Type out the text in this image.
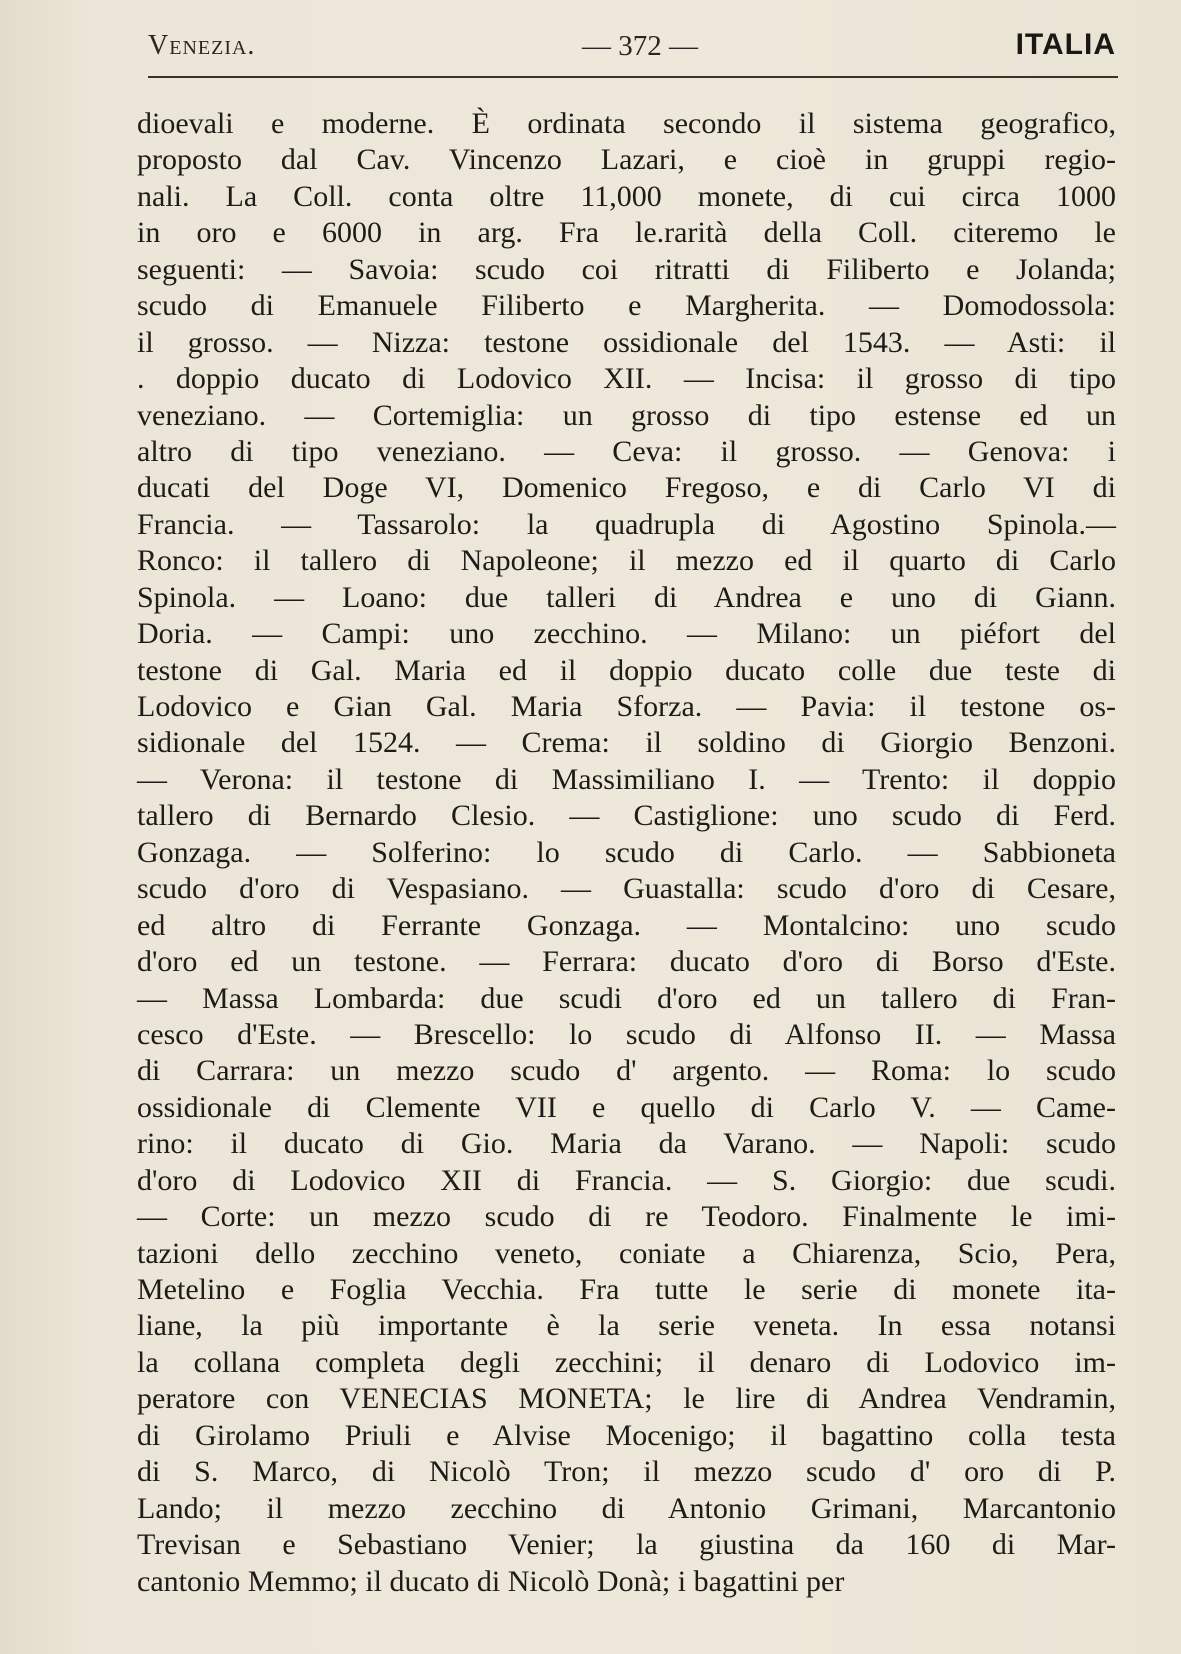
Venezia.	— 372 —	ITALIA
dioevali e moderne. È ordinata secondo il sistema geografico,
proposto dal Cav. Vincenzo Lazari, e cioè in gruppi regio-
nali. La Coll. conta oltre 11,000 monete, di cui circa 1000
in oro e 6000 in arg. Fra le.rarità della Coll. citeremo le
seguenti: — Savoia: scudo coi ritratti di Filiberto e Jolanda;
scudo di Emanuele Filiberto e Margherita. — Domodossola:
il grosso. — Nizza: testone ossidionale del 1543. — Asti: il
. doppio ducato di Lodovico XII. — Incisa: il grosso di tipo
veneziano. — Cortemiglia: un grosso di tipo estense ed un
altro di tipo veneziano. — Ceva: il grosso. — Genova: i
ducati del Doge VI, Domenico Fregoso, e di Carlo VI di
Francia. — Tassarolo: la quadrupla di Agostino Spinola.—
Ronco: il tallero di Napoleone; il mezzo ed il quarto di Carlo
Spinola. — Loano: due talleri di Andrea e uno di Giann.
Doria. — Campi: uno zecchino. — Milano: un piéfort del
testone di Gal. Maria ed il doppio ducato colle due teste di
Lodovico e Gian Gal. Maria Sforza. — Pavia: il testone os-
sidionale del 1524. — Crema: il soldino di Giorgio Benzoni.
— Verona: il testone di Massimiliano I. — Trento: il doppio
tallero di Bernardo Clesio. — Castiglione: uno scudo di Ferd.
Gonzaga. — Solferino: lo scudo di Carlo. — Sabbioneta
scudo d'oro di Vespasiano. — Guastalla: scudo d'oro di Cesare,
ed altro di Ferrante Gonzaga. — Montalcino: uno scudo
d'oro ed un testone. — Ferrara: ducato d'oro di Borso d'Este.
— Massa Lombarda: due scudi d'oro ed un tallero di Fran-
cesco d'Este. — Brescello: lo scudo di Alfonso II. — Massa
di Carrara: un mezzo scudo d' argento. — Roma: lo scudo
ossidionale di Clemente VII e quello di Carlo V. — Came-
rino: il ducato di Gio. Maria da Varano. — Napoli: scudo
d'oro di Lodovico XII di Francia. — S. Giorgio: due scudi.
— Corte: un mezzo scudo di re Teodoro. Finalmente le imi-
tazioni dello zecchino veneto, coniate a Chiarenza, Scio, Pera,
Metelino e Foglia Vecchia. Fra tutte le serie di monete ita-
liane, la più importante è la serie veneta. In essa notansi
la collana completa degli zecchini; il denaro di Lodovico im-
peratore con VENECIAS MONETA; le lire di Andrea Vendramin,
di Girolamo Priuli e Alvise Mocenigo; il bagattino colla testa
di S. Marco, di Nicolò Tron; il mezzo scudo d' oro di P.
Lando; il mezzo zecchino di Antonio Grimani, Marcantonio
Trevisan e Sebastiano Venier; la giustina da 160 di Mar-
cantonio Memmo; il ducato di Nicolò Donà; i bagattini per
